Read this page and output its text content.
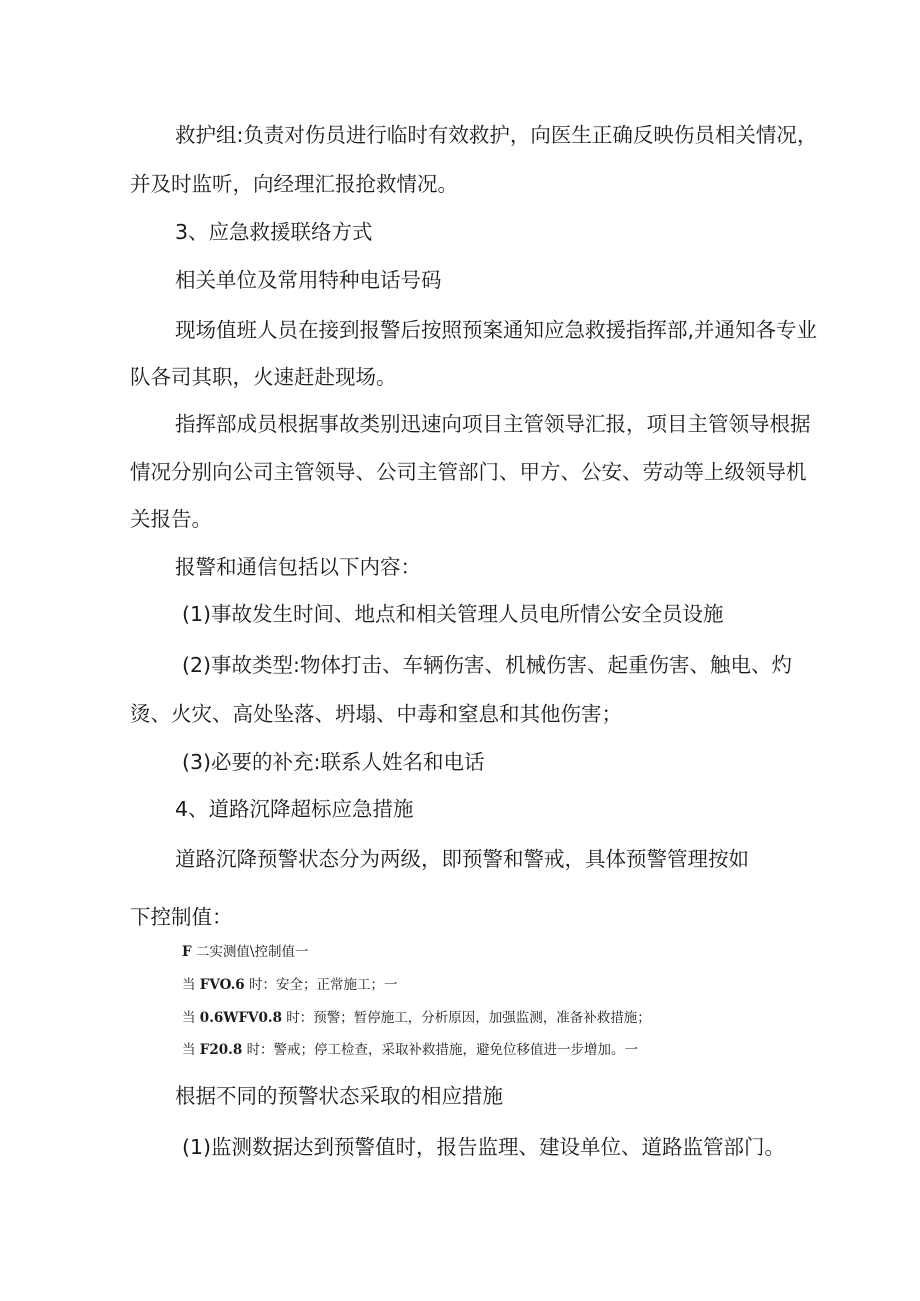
救护组:负责对伤员进行临时有效救护，向医生正确反映伤员相关情况，
并及时监听，向经理汇报抢救情况。
3、应急救援联络方式
相关单位及常用特种电话号码
现场值班人员在接到报警后按照预案通知应急救援指挥部,并通知各专业
队各司其职，火速赶赴现场。
指挥部成员根据事故类别迅速向项目主管领导汇报，项目主管领导根据
情况分别向公司主管领导、公司主管部门、甲方、公安、劳动等上级领导机
关报告。
报警和通信包括以下内容：
(1)事故发生时间、地点和相关管理人员电所情公安全员设施
(2)事故类型:物体打击、车辆伤害、机械伤害、起重伤害、触电、灼
烫、火灾、高处坠落、坍塌、中毒和窒息和其他伤害；
(3)必要的补充:联系人姓名和电话
4、道路沉降超标应急措施
道路沉降预警状态分为两级，即预警和警戒，具体预警管理按如
下控制值：
F 二实测值\控制值一
当 FVO.6 时：安全；正常施工；一
当 0.6WFV0.8 时：预警；暂停施工，分析原因，加强监测，准备补救措施；
当 F20.8 时：警戒；停工检查，采取补救措施，避免位移值进一步增加。一
根据不同的预警状态采取的相应措施
(1)监测数据达到预警值时，报告监理、建设单位、道路监管部门。
